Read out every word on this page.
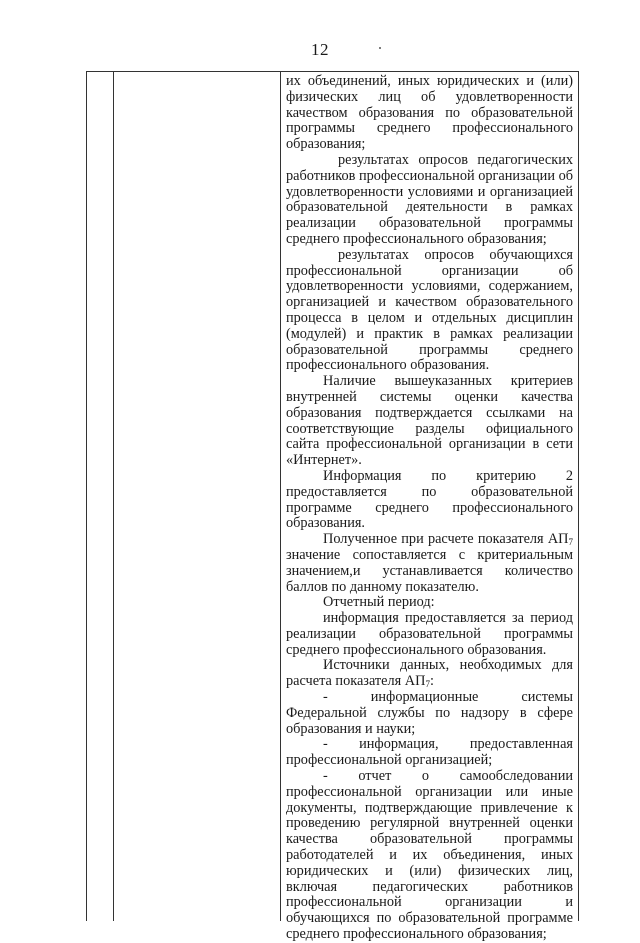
12

их объединений, иных юридических и (или) физических лиц об удовлетворенности качеством образования по образовательной программы среднего профессионального образования;

результатах опросов педагогических работников профессиональной организации об удовлетворенности условиями и организацией образовательной деятельности в рамках реализации образовательной программы среднего профессионального образования;

результатах опросов обучающихся профессиональной организации об удовлетворенности условиями, содержанием, организацией и качеством образовательного процесса в целом и отдельных дисциплин (модулей) и практик в рамках реализации образовательной программы среднего профессионального образования.

Наличие вышеуказанных критериев внутренней системы оценки качества образования подтверждается ссылками на соответствующие разделы официального сайта профессиональной организации в сети «Интернет».

Информация по критерию 2 предоставляется по образовательной программе среднего профессионального образования.

Полученное при расчете показателя $АП_7$ значение сопоставляется с критериальным значением,и устанавливается количество баллов по данному показателю.

Отчетный период:

информация предоставляется за период реализации образовательной программы среднего профессионального образования.

Источники данных, необходимых для расчета показателя $АП_7$:

- информационные системы Федеральной службы по надзору в сфере образования и науки;

- информация, предоставленная профессиональной организацией;

- отчет о самообследовании профессиональной организации или иные документы, подтверждающие привлечение к проведению регулярной внутренней оценки качества образовательной программы работодателей и их объединения, иных юридических и (или) физических лиц, включая педагогических работников профессиональной организации и обучающихся по образовательной программе среднего профессионального образования;
